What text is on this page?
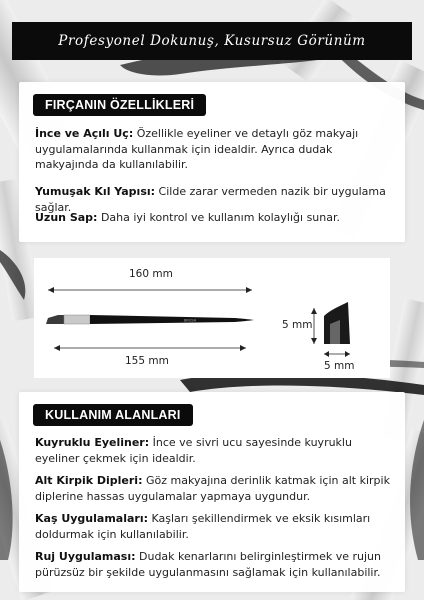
Profesyonel Dokunuş, Kusursuz Görünüm
FIRÇANIN ÖZELLİKLERİ
İnce ve Açılı Uç: Özellikle eyeliner ve detaylı göz makyajı uygulamalarında kullanmak için idealdir. Ayrıca dudak makyajında da kullanılabilir.
Yumuşak Kıl Yapısı: Cilde zarar vermeden nazik bir uygulama sağlar.
Uzun Sap: Daha iyi kontrol ve kullanım kolaylığı sunar.
BRUSH
160 mm
155 mm
5 mm
5 mm
KULLANIM ALANLARI
Kuyruklu Eyeliner: İnce ve sivri ucu sayesinde kuyruklu eyeliner çekmek için idealdir.
Alt Kirpik Dipleri: Göz makyajına derinlik katmak için alt kirpik diplerine hassas uygulamalar yapmaya uygundur.
Kaş Uygulamaları: Kaşları şekillendirmek ve eksik kısımları doldurmak için kullanılabilir.
Ruj Uygulaması: Dudak kenarlarını belirginleştirmek ve rujun pürüzsüz bir şekilde uygulanmasını sağlamak için kullanılabilir.
